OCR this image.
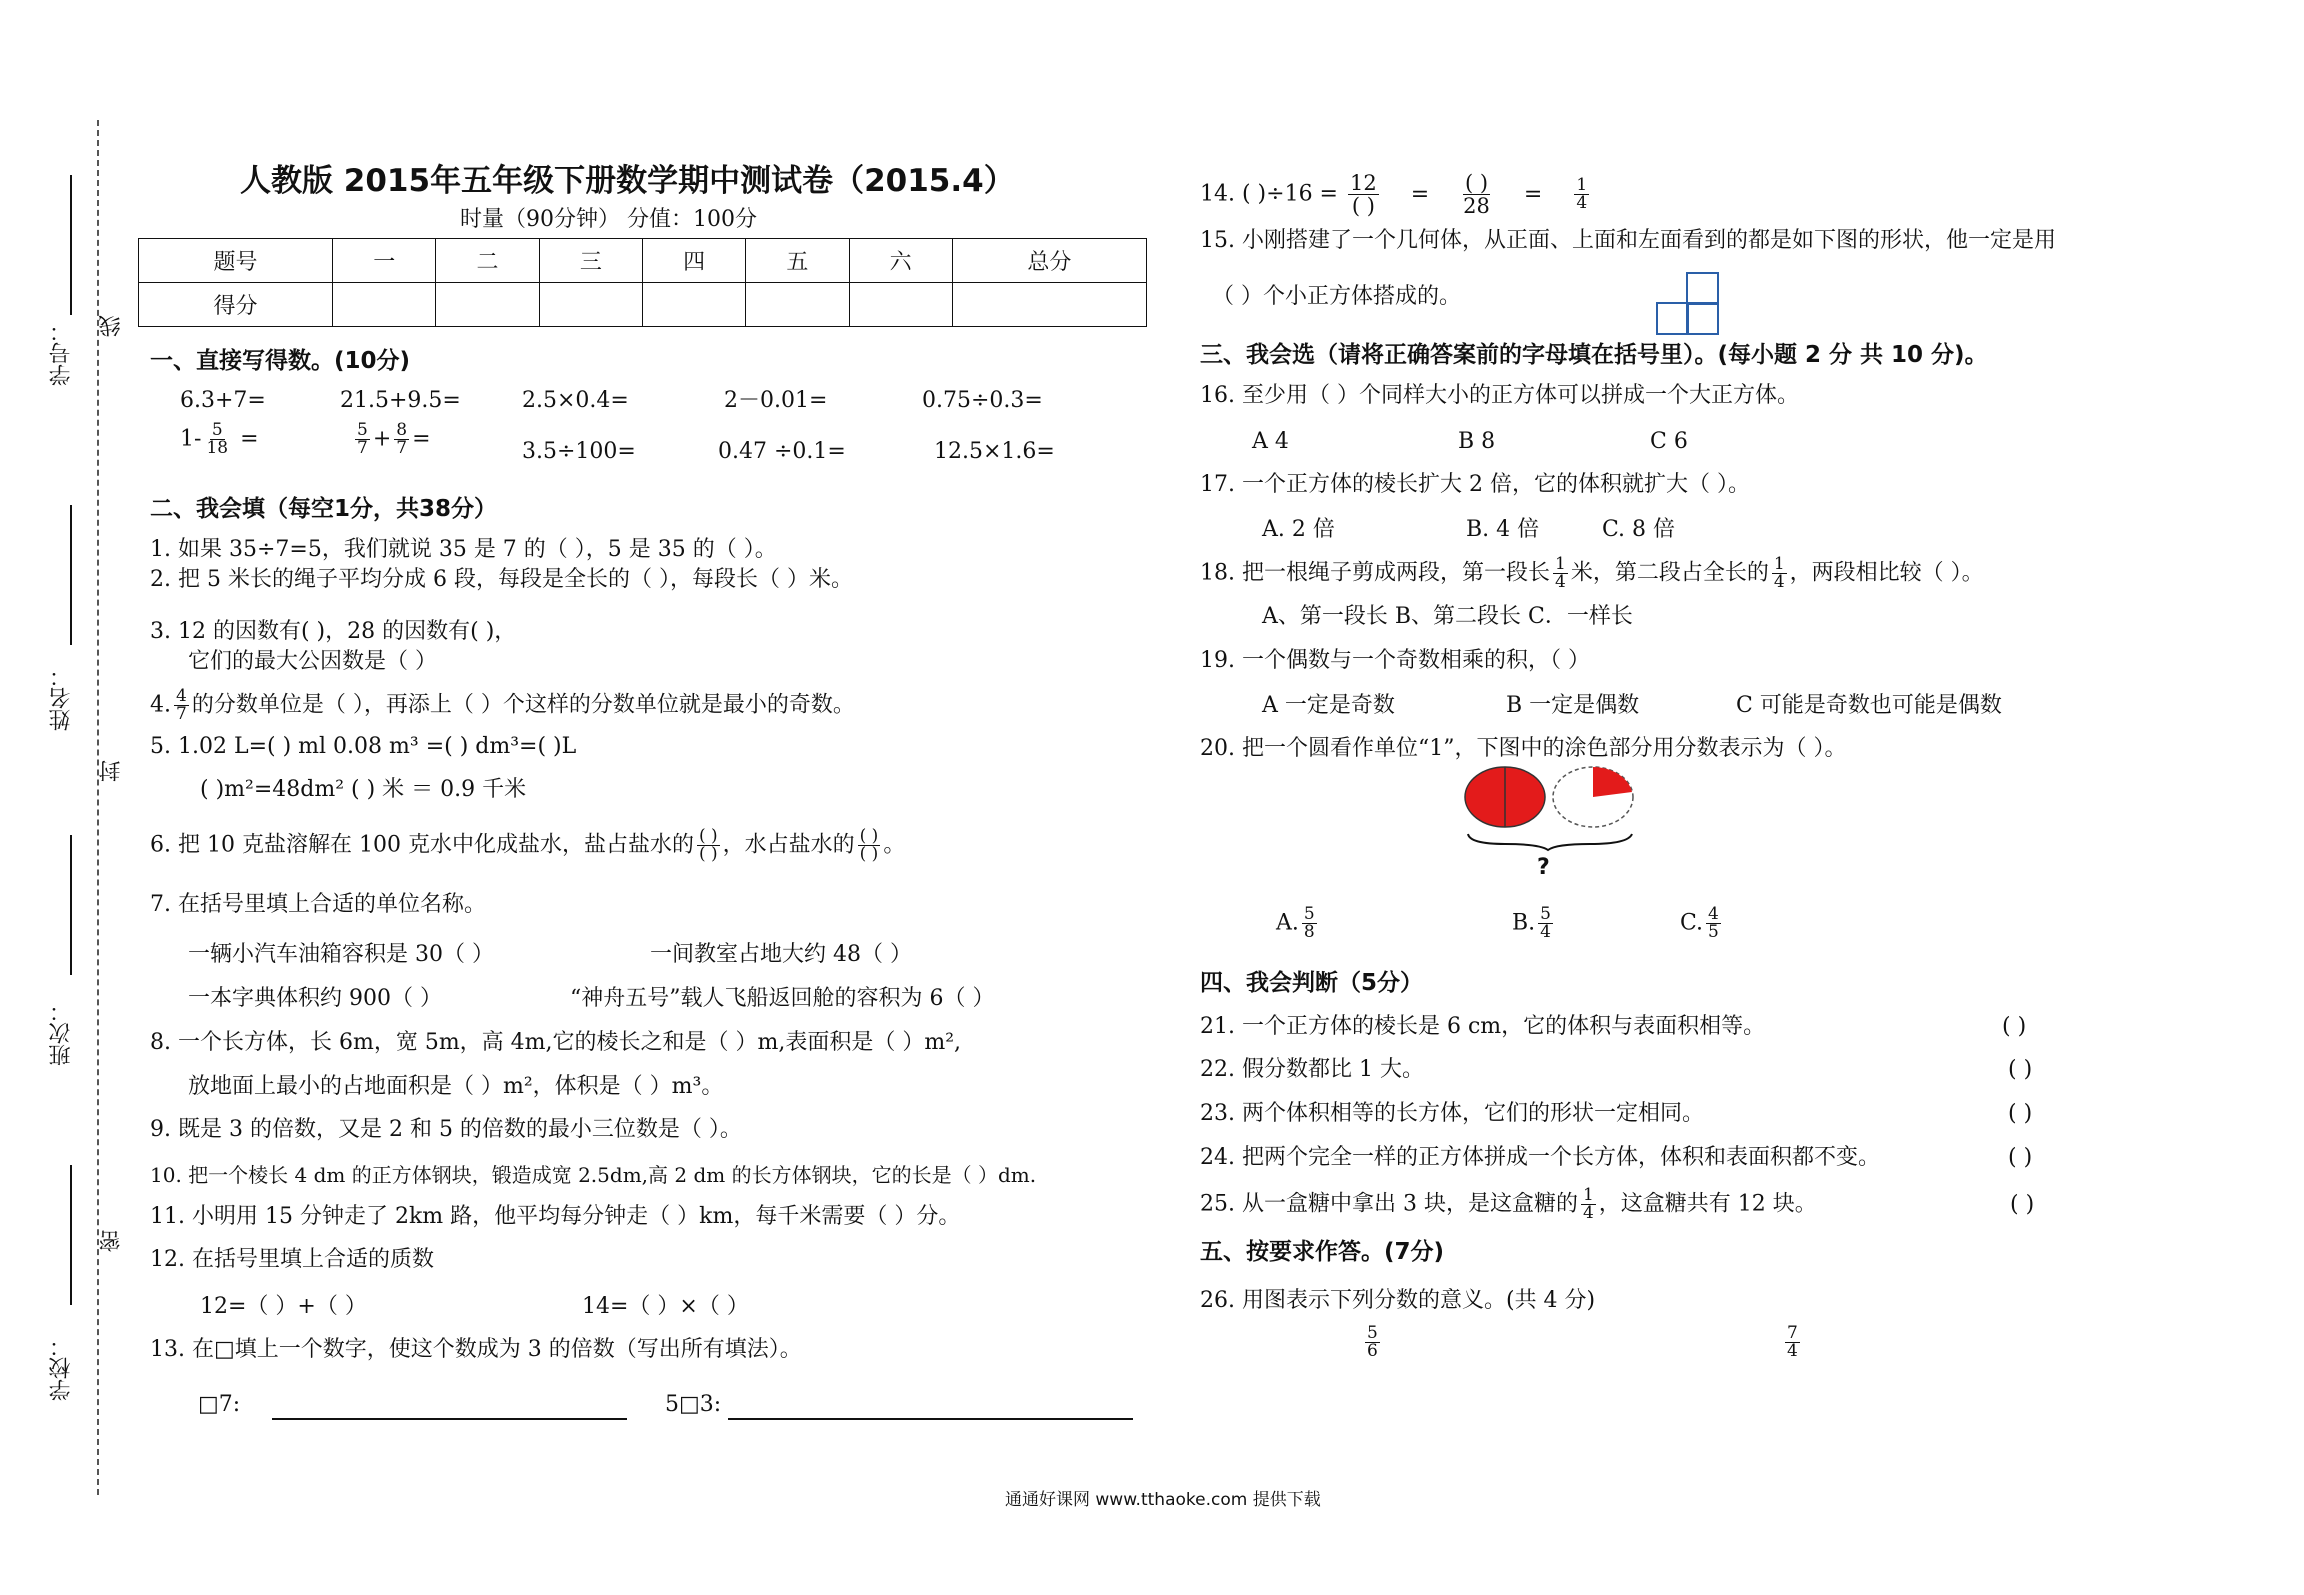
学号： 线
姓名：
封
班次：
密
学校：
人教版 2015年五年级下册数学期中测试卷（2015.4）
时量（90分钟） 分值：100分
题号	一	二	三	四	五	六	总分
得分							
一、直接写得数。(10分)
6.3+7=	21.5+9.5=	2.5×0.4=	2－0.01=	0.75÷0.3=
$1- \frac{5}{18}$ =	$\frac{5}{7} + \frac{8}{7}$ =	3.5÷100=	0.47 ÷0.1=	12.5×1.6=
二、我会填（每空1分，共38分）
1. 如果 35÷7=5，我们就说 35 是 7 的（ ），5 是 35 的（ ）。
2. 把 5 米长的绳子平均分成 6 段，每段是全长的（ ），每段长（ ）米。
3. 12 的因数有( )，28 的因数有( )，
它们的最大公因数是（ ）
4. $\frac{4}{7}$ 的分数单位是（ ），再添上（ ）个这样的分数单位就是最小的奇数。
5. 1.02 L=( ) ml 0.08 m³ =( ) dm³=( )L
( )m²=48dm² ( ) 米 ＝ 0.9 千米
6. 把 10 克盐溶解在 100 克水中化成盐水，盐占盐水的 $\frac{( )}{( )}$ ，水占盐水的 $\frac{( )}{( )}$ 。
7. 在括号里填上合适的单位名称。
一辆小汽车油箱容积是 30（ ）	一间教室占地大约 48（ ）
一本字典体积约 900（ ）	“神舟五号”载人飞船返回舱的容积为 6（ ）
8. 一个长方体，长 6m，宽 5m，高 4m,它的棱长之和是（ ）m,表面积是（ ）m²,
放地面上最小的占地面积是（ ）m²，体积是（ ）m³。
9. 既是 3 的倍数，又是 2 和 5 的倍数的最小三位数是（ ）。
10. 把一个棱长 4 dm 的正方体钢块，锻造成宽 2.5dm,高 2 dm 的长方体钢块，它的长是（ ）dm.
11. 小明用 15 分钟走了 2km 路，他平均每分钟走（ ）km，每千米需要（ ）分。
12. 在括号里填上合适的质数
12=（ ）+（ ）	14=（ ）×（ ）
13. 在□填上一个数字，使这个数成为 3 的倍数（写出所有填法）。
□7:	5□3:
14. ( )$\div 16 = \frac{12}{( )} = \frac{( )}{28} = \frac{1}{4}$
15. 小刚搭建了一个几何体，从正面、上面和左面看到的都是如下图的形状，他一定是用
（ ）个小正方体搭成的。
三、我会选（请将正确答案前的字母填在括号里）。(每小题 2 分 共 10 分)。
16. 至少用（ ）个同样大小的正方体可以拼成一个大正方体。
A 4	B 8	C 6
17. 一个正方体的棱长扩大 2 倍，它的体积就扩大（ ）。
A. 2 倍	B. 4 倍	C. 8 倍
18. 把一根绳子剪成两段，第一段长 $\frac{1}{4}$ 米，第二段占全长的 $\frac{1}{4}$ ，两段相比较（ ）。
A、第一段长 B、第二段长 C．一样长
19. 一个偶数与一个奇数相乘的积，（ ）
A 一定是奇数	B 一定是偶数	C 可能是奇数也可能是偶数
20. 把一个圆看作单位“1”，下图中的涂色部分用分数表示为（ ）。
?
A. $\frac{5}{8}$	B. $\frac{5}{4}$	C. $\frac{4}{5}$
四、我会判断（5分）
21. 一个正方体的棱长是 6 cm，它的体积与表面积相等。	( )
22. 假分数都比 1 大。	( )
23. 两个体积相等的长方体，它们的形状一定相同。	( )
24. 把两个完全一样的正方体拼成一个长方体，体积和表面积都不变。	( )
25. 从一盒糖中拿出 3 块，是这盒糖的 $\frac{1}{4}$ ，这盒糖共有 12 块。	( )
五、按要求作答。(7分)
26. 用图表示下列分数的意义。(共 4 分)
$\frac{5}{6}$	$\frac{7}{4}$
通通好课网 www.tthaoke.com 提供下载
